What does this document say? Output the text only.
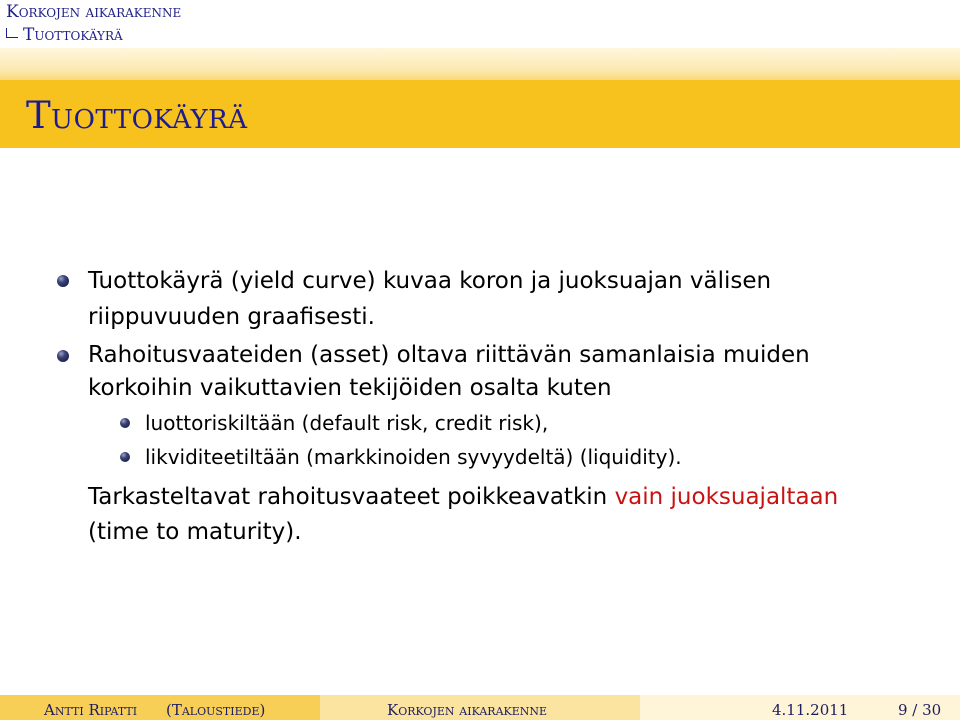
Korkojen aikarakenne
Tuottokäyrä
Tuottokäyrä
Tuottokäyrä (yield curve) kuvaa koron ja juoksuajan välisen
riippuvuuden graafisesti.
Rahoitusvaateiden (asset) oltava riittävän samanlaisia muiden
korkoihin vaikuttavien tekijöiden osalta kuten
luottoriskiltään (default risk, credit risk),
likviditeetiltään (markkinoiden syvyydeltä) (liquidity).
Tarkasteltavat rahoitusvaateet poikkeavatkin vain juoksuajaltaan
(time to maturity).
Antti Ripatti (Taloustiede)	Korkojen aikarakenne	4.11.2011	9 / 30
